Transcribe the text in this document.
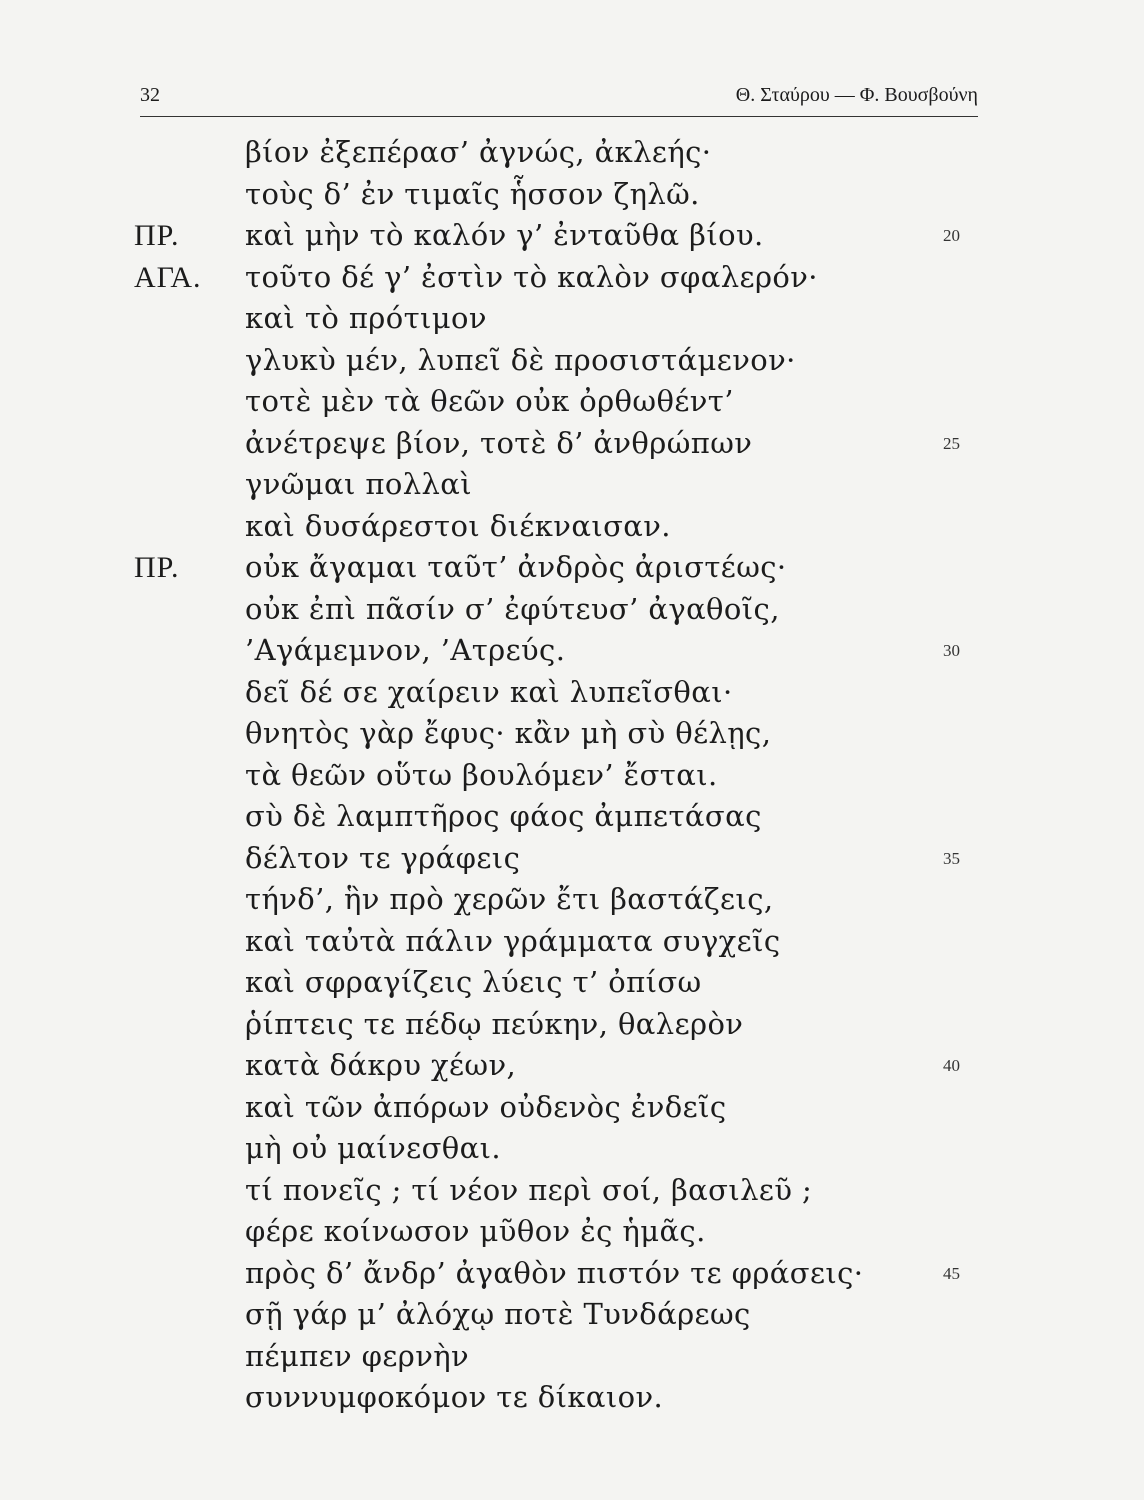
32	Θ. Σταύρου — Φ. Βουσβούνη
βίον ἐξεπέρασ’ ἀγνώς, ἀκλεής·
τοὺς δ’ ἐν τιμαῖς ἧσσον ζηλῶ.
ΠΡ. καὶ μὴν τὸ καλόν γ’ ἐνταῦθα βίου.	20
ΑΓΑ. τοῦτο δέ γ’ ἐστὶν τὸ καλὸν σφαλερόν·
καὶ τὸ πρότιμον
γλυκὺ μέν, λυπεῖ δὲ προσιστάμενον·
τοτὲ μὲν τὰ θεῶν οὐκ ὀρθωθέντ’
ἀνέτρεψε βίον, τοτὲ δ’ ἀνθρώπων	25
γνῶμαι πολλαὶ
καὶ δυσάρεστοι διέκναισαν.
ΠΡ. οὐκ ἄγαμαι ταῦτ’ ἀνδρὸς ἀριστέως·
οὐκ ἐπὶ πᾶσίν σ’ ἐφύτευσ’ ἀγαθοῖς,
’Αγάμεμνον, ’Ατρεύς.	30
δεῖ δέ σε χαίρειν καὶ λυπεῖσθαι·
θνητὸς γὰρ ἔφυς· κἂν μὴ σὺ θέλῃς,
τὰ θεῶν οὕτω βουλόμεν’ ἔσται.
σὺ δὲ λαμπτῆρος φάος ἀμπετάσας
δέλτον τε γράφεις	35
τήνδ’, ἣν πρὸ χερῶν ἔτι βαστάζεις,
καὶ ταὐτὰ πάλιν γράμματα συγχεῖς
καὶ σφραγίζεις λύεις τ’ ὀπίσω
ῥίπτεις τε πέδῳ πεύκην, θαλερὸν
κατὰ δάκρυ χέων,	40
καὶ τῶν ἀπόρων οὐδενὸς ἐνδεῖς
μὴ οὐ μαίνεσθαι.
τί πονεῖς ; τί νέον περὶ σοί, βασιλεῦ ;
φέρε κοίνωσον μῦθον ἐς ἡμᾶς.
πρὸς δ’ ἄνδρ’ ἀγαθὸν πιστόν τε φράσεις·	45
σῇ γάρ μ’ ἀλόχῳ ποτὲ Τυνδάρεως
πέμπεν φερνὴν
συννυμφοκόμον τε δίκαιον.
